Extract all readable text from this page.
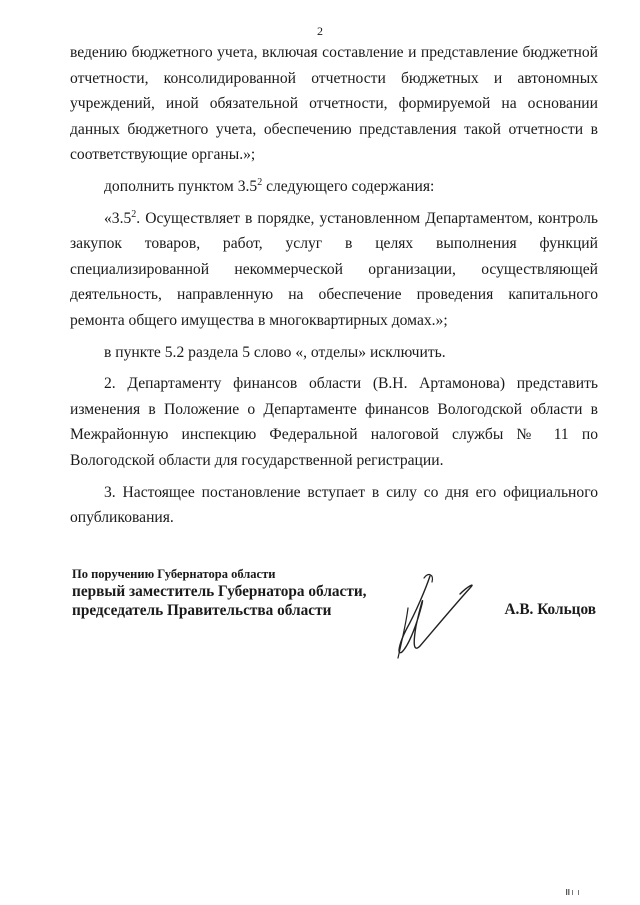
2

ведению бюджетного учета, включая составление и представление бюджетной отчетности, консолидированной отчетности бюджетных и автономных учреждений, иной обязательной отчетности, формируемой на основании данных бюджетного учета, обеспечению представления такой отчетности в соответствующие органы.»;

дополнить пунктом $3.5^2$ следующего содержания:

«$3.5^2$. Осуществляет в порядке, установленном Департаментом, контроль закупок товаров, работ, услуг в целях выполнения функций специализированной некоммерческой организации, осуществляющей деятельность, направленную на обеспечение проведения капитального ремонта общего имущества в многоквартирных домах.»;

в пункте 5.2 раздела 5 слово «, отделы» исключить.

2. Департаменту финансов области (В.Н. Артамонова) представить изменения в Положение о Департаменте финансов Вологодской области в Межрайонную инспекцию Федеральной налоговой службы № 11 по Вологодской области для государственной регистрации.

3. Настоящее постановление вступает в силу со дня его официального опубликования.

По поручению Губернатора области
первый заместитель Губернатора области,
председатель Правительства области	А.В. Кольцов
